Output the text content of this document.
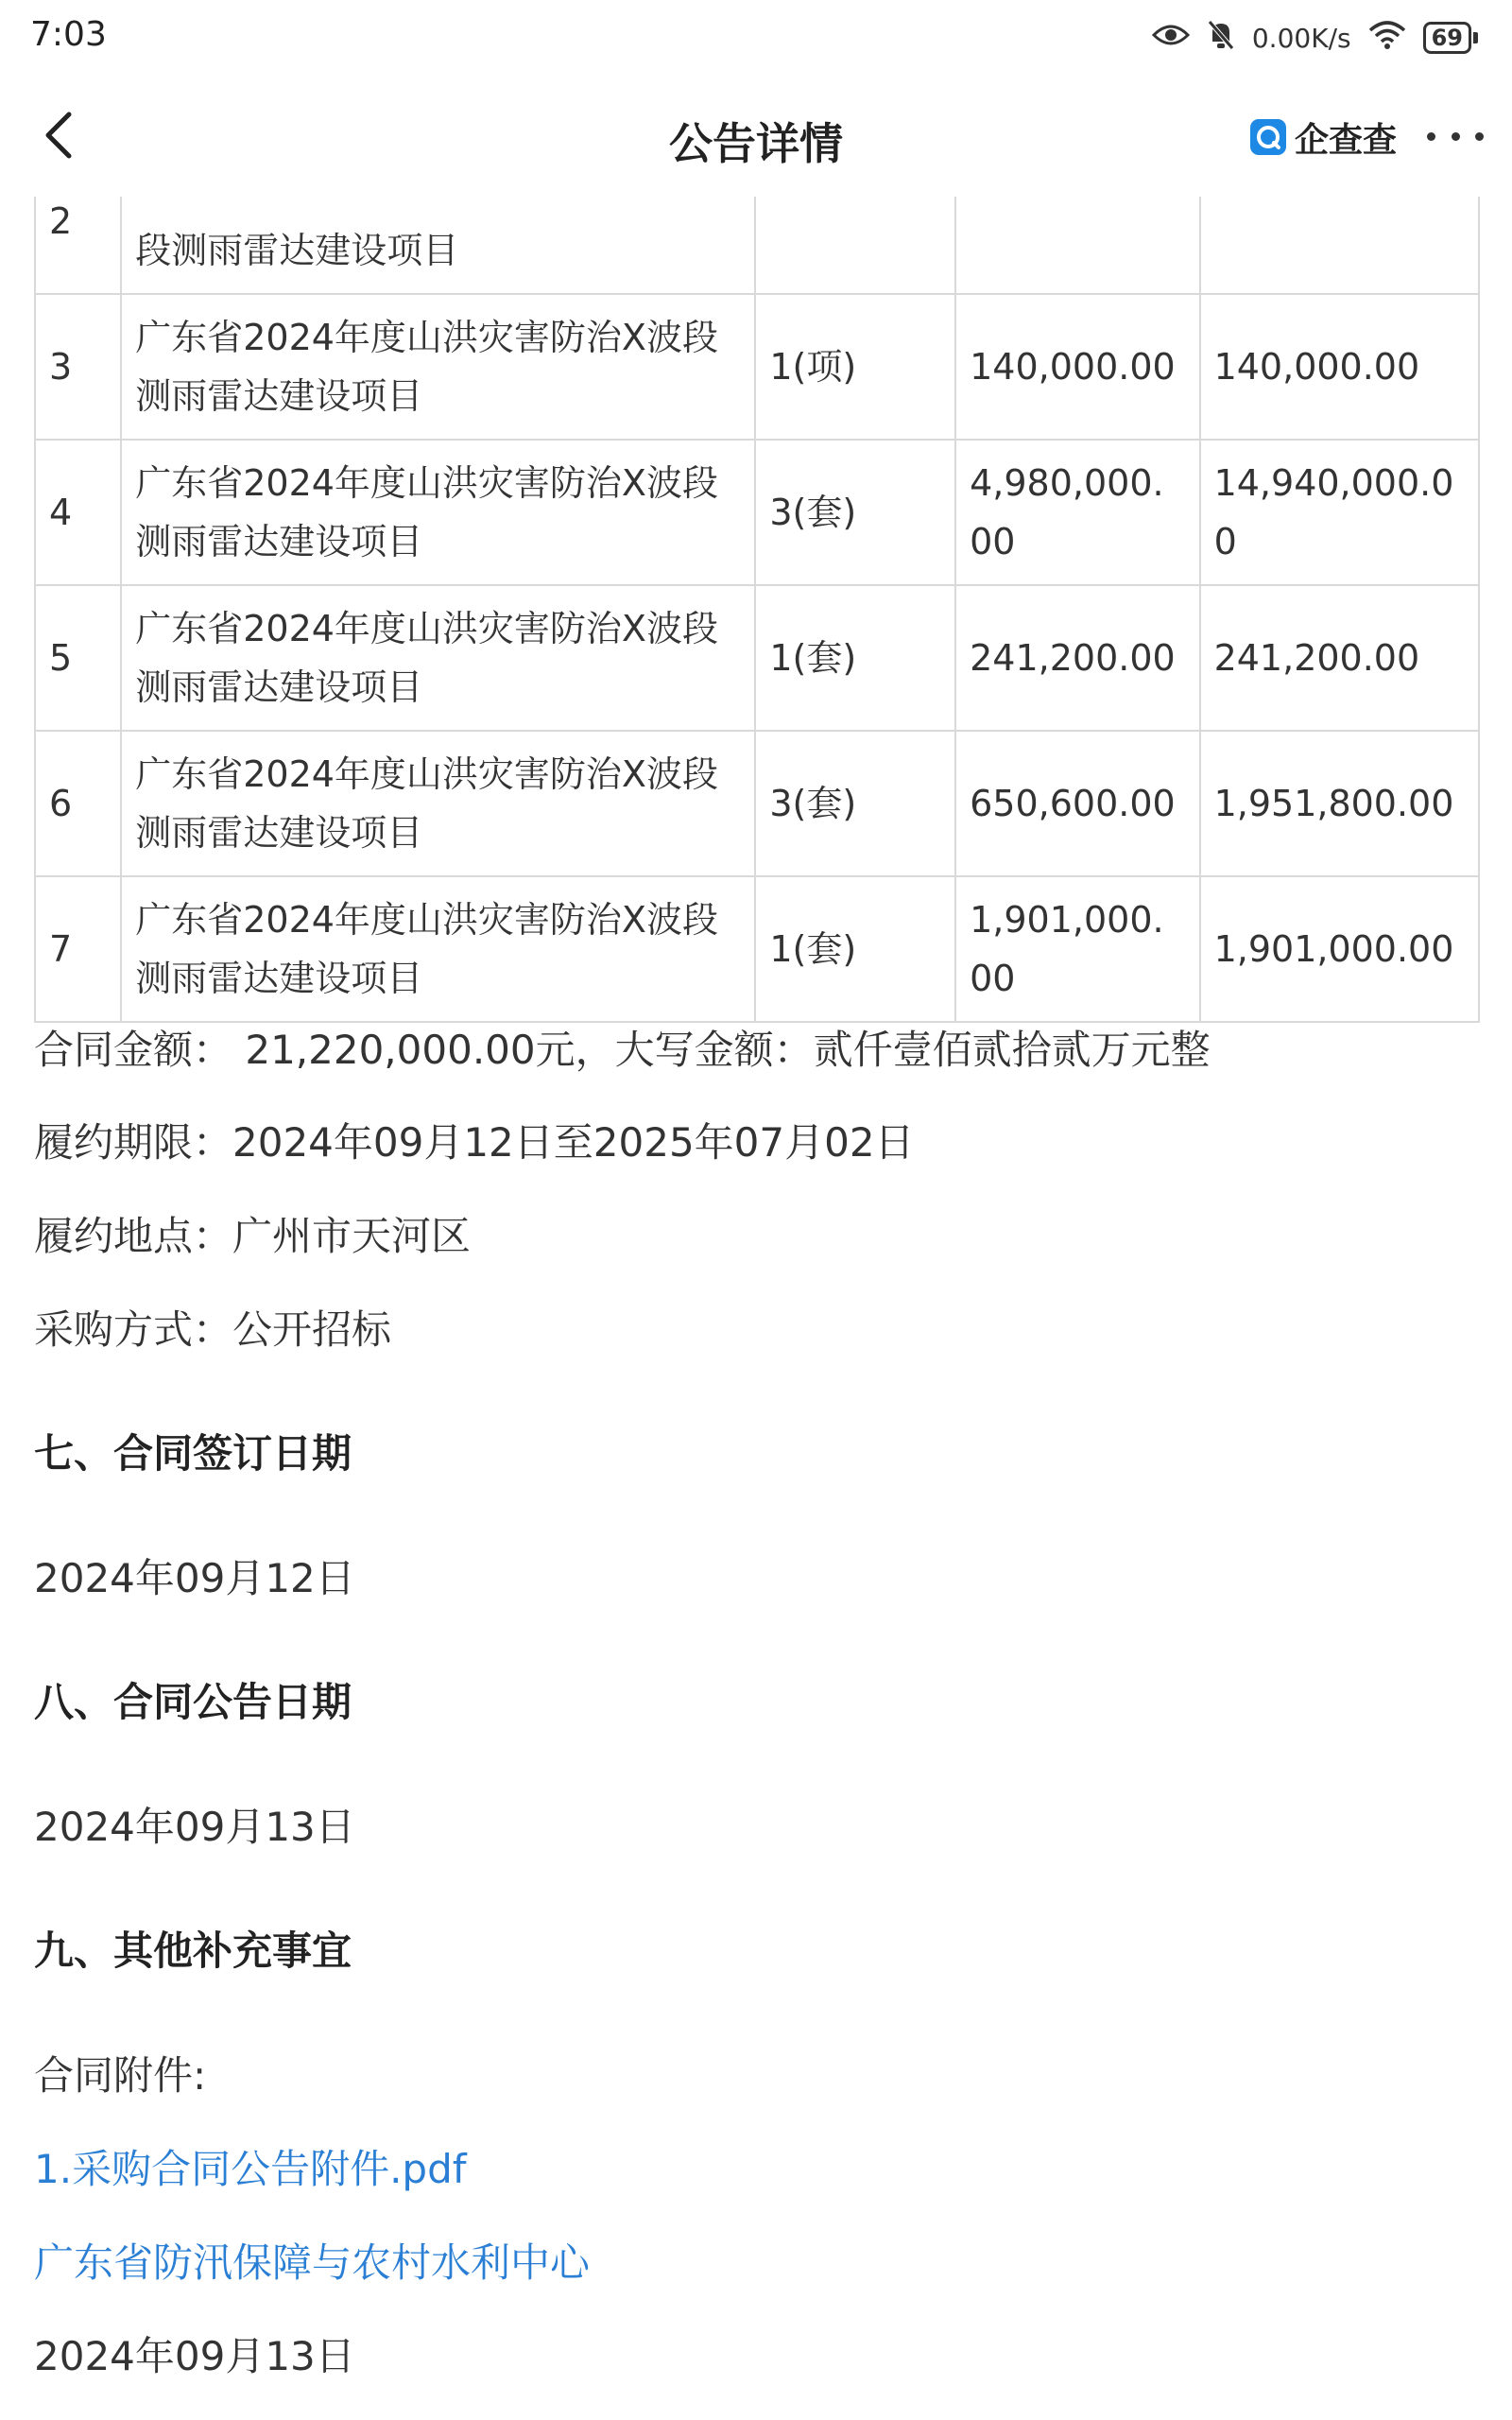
7:03	0.00K/s	69
公告详情	企查查
2	段测雨雷达建设项目			
3	广东省2024年度山洪灾害防治X波段测雨雷达建设项目	1(项)	140,000.00	140,000.00
4	广东省2024年度山洪灾害防治X波段测雨雷达建设项目	3(套)	4,980,000.00	14,940,000.00
5	广东省2024年度山洪灾害防治X波段测雨雷达建设项目	1(套)	241,200.00	241,200.00
6	广东省2024年度山洪灾害防治X波段测雨雷达建设项目	3(套)	650,600.00	1,951,800.00
7	广东省2024年度山洪灾害防治X波段测雨雷达建设项目	1(套)	1,901,000.00	1,901,000.00
合同金额： 21,220,000.00元，大写金额：贰仟壹佰贰拾贰万元整
履约期限：2024年09月12日至2025年07月02日
履约地点：广州市天河区
采购方式：公开招标
七、合同签订日期
2024年09月12日
八、合同公告日期
2024年09月13日
九、其他补充事宜
合同附件:
1.采购合同公告附件.pdf
广东省防汛保障与农村水利中心
2024年09月13日
